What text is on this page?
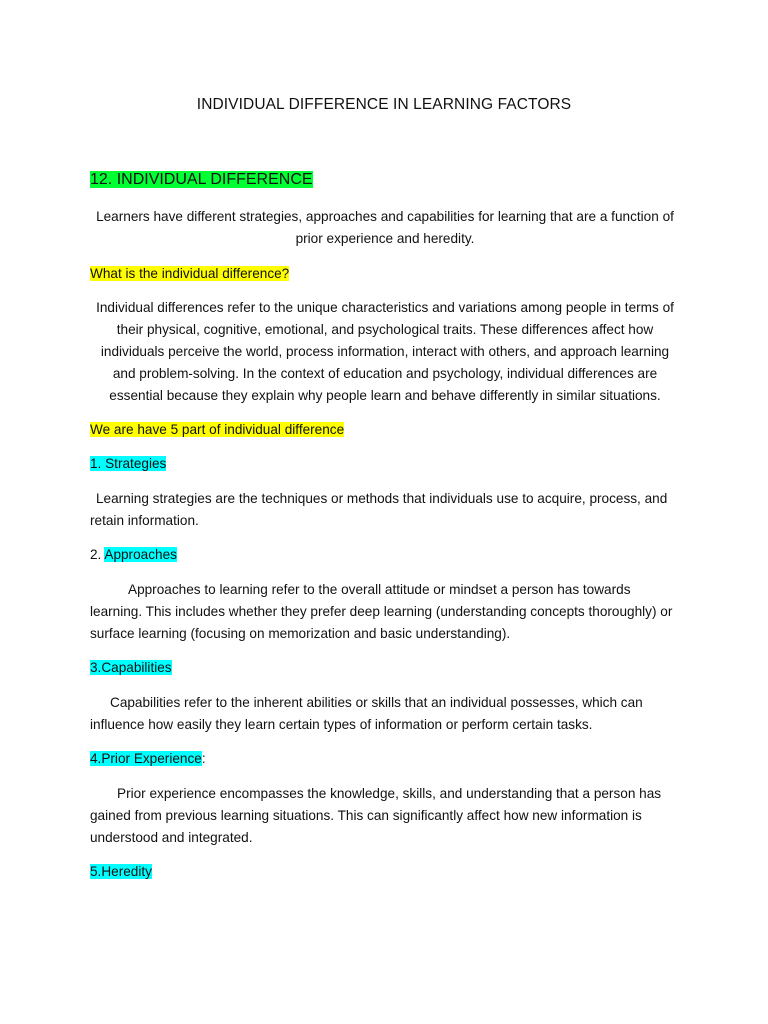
INDIVIDUAL DIFFERENCE IN LEARNING FACTORS
12. INDIVIDUAL DIFFERENCE
Learners have different strategies, approaches and capabilities for learning that are a function of prior experience and heredity.
What is the individual difference?
Individual differences refer to the unique characteristics and variations among people in terms of their physical, cognitive, emotional, and psychological traits. These differences affect how individuals perceive the world, process information, interact with others, and approach learning and problem-solving. In the context of education and psychology, individual differences are essential because they explain why people learn and behave differently in similar situations.
We are have 5 part of individual difference
1. Strategies
Learning strategies are the techniques or methods that individuals use to acquire, process, and retain information.
2. Approaches
Approaches to learning refer to the overall attitude or mindset a person has towards learning. This includes whether they prefer deep learning (understanding concepts thoroughly) or surface learning (focusing on memorization and basic understanding).
3.Capabilities
Capabilities refer to the inherent abilities or skills that an individual possesses, which can influence how easily they learn certain types of information or perform certain tasks.
4.Prior Experience:
Prior experience encompasses the knowledge, skills, and understanding that a person has gained from previous learning situations. This can significantly affect how new information is understood and integrated.
5.Heredity
